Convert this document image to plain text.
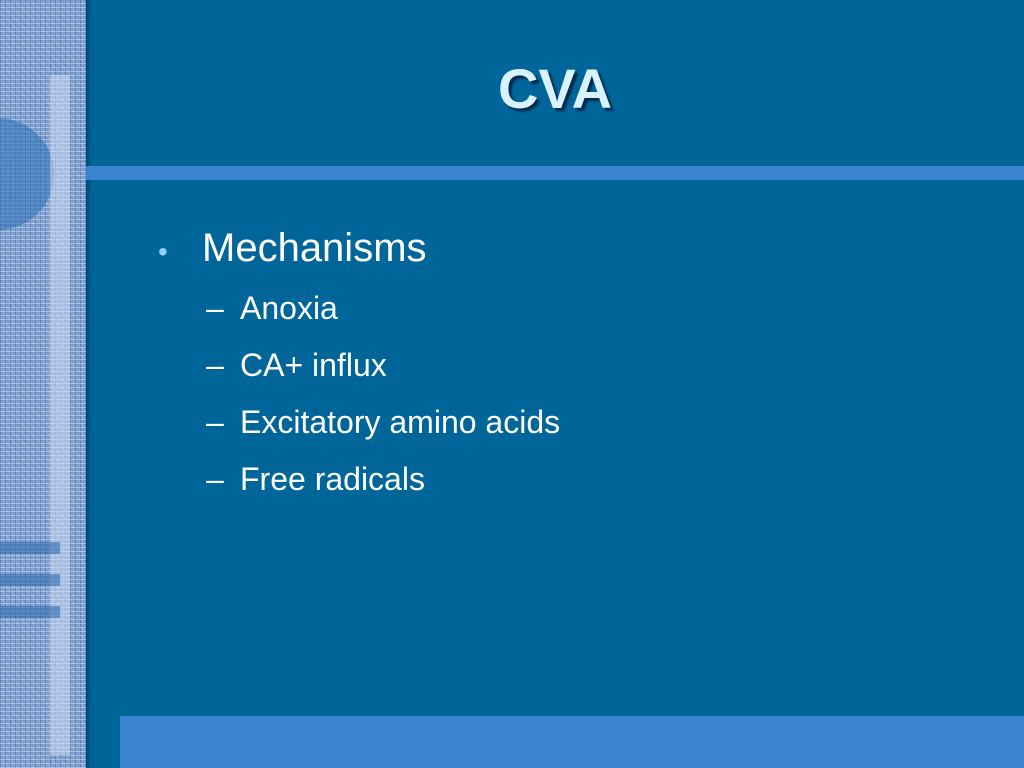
CVA
• Mechanisms
– Anoxia
– CA+ influx
– Excitatory amino acids
– Free radicals
